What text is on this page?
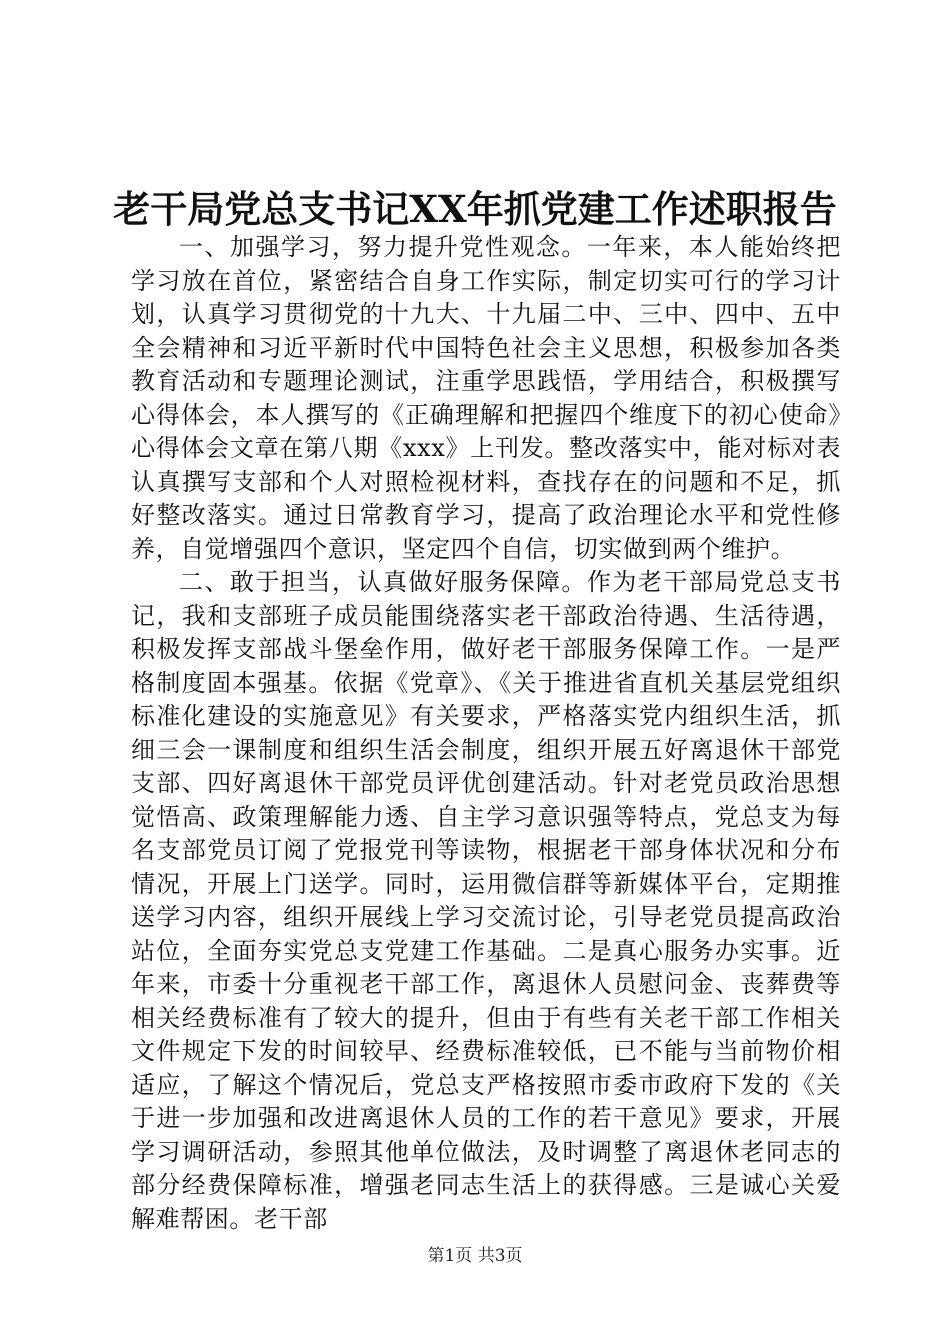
老干局党总支书记XX年抓党建工作述职报告

一、加强学习，努力提升党性观念。一年来，本人能始终把学习放在首位，紧密结合自身工作实际，制定切实可行的学习计划，认真学习贯彻党的十九大、十九届二中、三中、四中、五中全会精神和习近平新时代中国特色社会主义思想，积极参加各类教育活动和专题理论测试，注重学思践悟，学用结合，积极撰写心得体会，本人撰写的《正确理解和把握四个维度下的初心使命》心得体会文章在第八期《xxx》上刊发。整改落实中，能对标对表认真撰写支部和个人对照检视材料，查找存在的问题和不足，抓好整改落实。通过日常教育学习，提高了政治理论水平和党性修养，自觉增强四个意识，坚定四个自信，切实做到两个维护。

二、敢于担当，认真做好服务保障。作为老干部局党总支书记，我和支部班子成员能围绕落实老干部政治待遇、生活待遇，积极发挥支部战斗堡垒作用，做好老干部服务保障工作。一是严格制度固本强基。依据《党章》、《关于推进省直机关基层党组织标准化建设的实施意见》有关要求，严格落实党内组织生活，抓细三会一课制度和组织生活会制度，组织开展五好离退休干部党支部、四好离退休干部党员评优创建活动。针对老党员政治思想觉悟高、政策理解能力透、自主学习意识强等特点，党总支为每名支部党员订阅了党报党刊等读物，根据老干部身体状况和分布情况，开展上门送学。同时，运用微信群等新媒体平台，定期推送学习内容，组织开展线上学习交流讨论，引导老党员提高政治站位，全面夯实党总支党建工作基础。二是真心服务办实事。近年来，市委十分重视老干部工作，离退休人员慰问金、丧葬费等相关经费标准有了较大的提升，但由于有些有关老干部工作相关文件规定下发的时间较早、经费标准较低，已不能与当前物价相适应，了解这个情况后，党总支严格按照市委市政府下发的《关于进一步加强和改进离退休人员的工作的若干意见》要求，开展学习调研活动，参照其他单位做法，及时调整了离退休老同志的部分经费保障标准，增强老同志生活上的获得感。三是诚心关爱解难帮困。老干部

第1页 共3页
